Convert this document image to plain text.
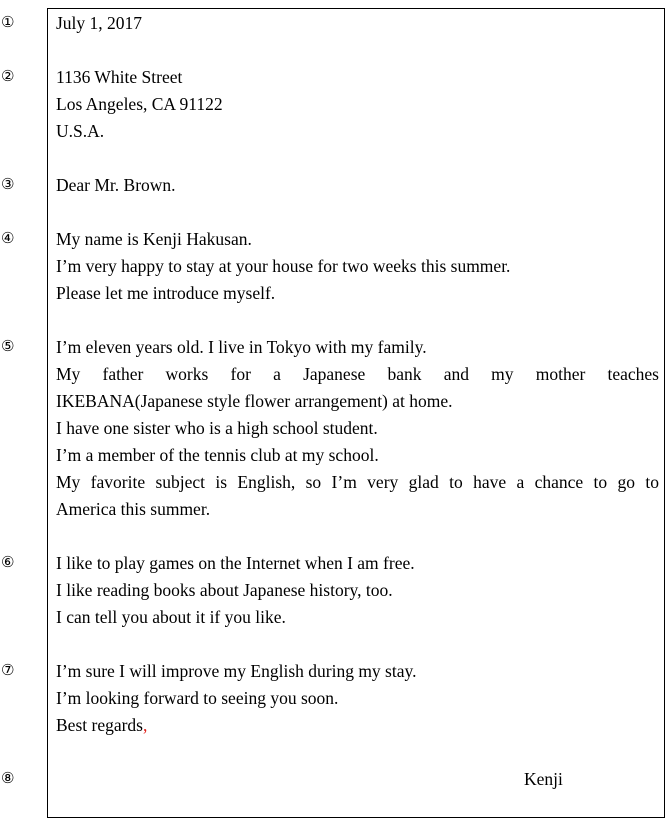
①
②
③
④
⑤
⑥
⑦
⑧
July 1, 2017
1136 White Street
Los Angeles, CA 91122
U.S.A.
Dear Mr. Brown.
My name is Kenji Hakusan.
I’m very happy to stay at your house for two weeks this summer.
Please let me introduce myself.
I’m eleven years old. I live in Tokyo with my family.
My father works for a Japanese bank and my mother teaches
IKEBANA(Japanese style flower arrangement) at home.
I have one sister who is a high school student.
I’m a member of the tennis club at my school.
My favorite subject is English, so I’m very glad to have a chance to go to
America this summer.
I like to play games on the Internet when I am free.
I like reading books about Japanese history, too.
I can tell you about it if you like.
I’m sure I will improve my English during my stay.
I’m looking forward to seeing you soon.
Best regards,
Kenji
